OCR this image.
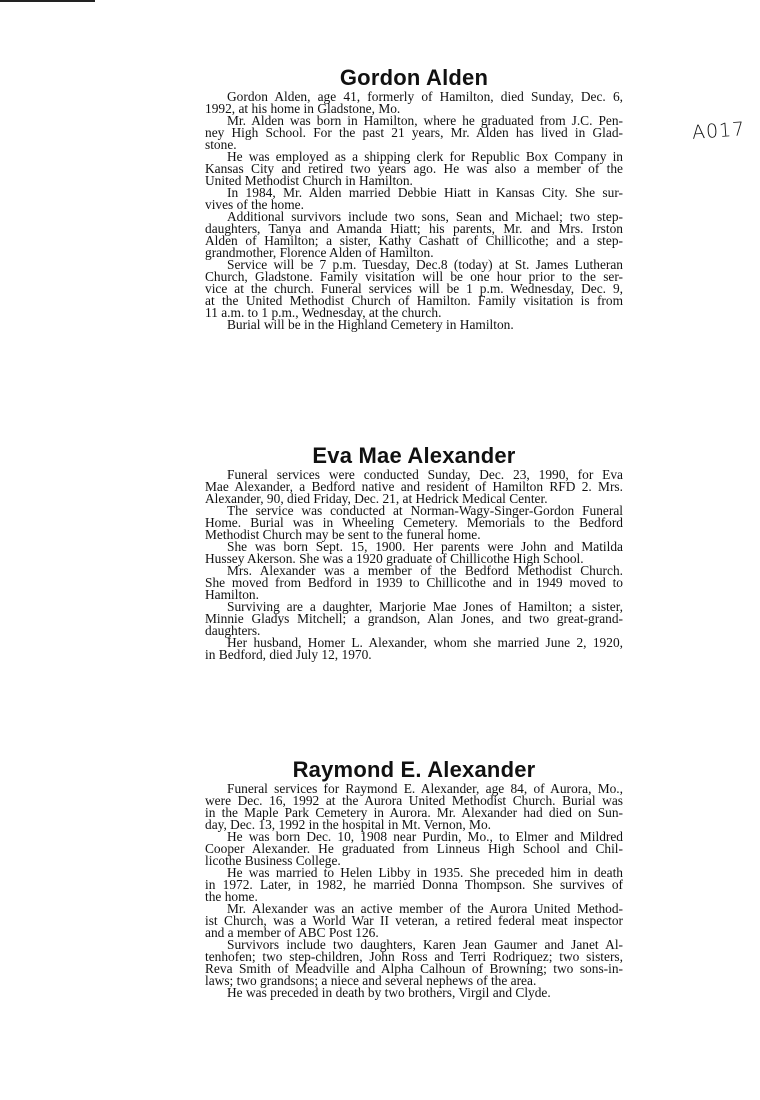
A017
Gordon Alden
Gordon Alden, age 41, formerly of Hamilton, died Sunday, Dec. 6,
1992, at his home in Gladstone, Mo.
Mr. Alden was born in Hamilton, where he graduated from J.C. Pen-
ney High School. For the past 21 years, Mr. Alden has lived in Glad-
stone.
He was employed as a shipping clerk for Republic Box Company in
Kansas City and retired two years ago. He was also a member of the
United Methodist Church in Hamilton.
In 1984, Mr. Alden married Debbie Hiatt in Kansas City. She sur-
vives of the home.
Additional survivors include two sons, Sean and Michael; two step-
daughters, Tanya and Amanda Hiatt; his parents, Mr. and Mrs. Irston
Alden of Hamilton; a sister, Kathy Cashatt of Chillicothe; and a step-
grandmother, Florence Alden of Hamilton.
Service will be 7 p.m. Tuesday, Dec.8 (today) at St. James Lutheran
Church, Gladstone. Family visitation will be one hour prior to the ser-
vice at the church. Funeral services will be 1 p.m. Wednesday, Dec. 9,
at the United Methodist Church of Hamilton. Family visitation is from
11 a.m. to 1 p.m., Wednesday, at the church.
Burial will be in the Highland Cemetery in Hamilton.
Eva Mae Alexander
Funeral services were conducted Sunday, Dec. 23, 1990, for Eva
Mae Alexander, a Bedford native and resident of Hamilton RFD 2. Mrs.
Alexander, 90, died Friday, Dec. 21, at Hedrick Medical Center.
The service was conducted at Norman-Wagy-Singer-Gordon Funeral
Home. Burial was in Wheeling Cemetery. Memorials to the Bedford
Methodist Church may be sent to the funeral home.
She was born Sept. 15, 1900. Her parents were John and Matilda
Hussey Akerson. She was a 1920 graduate of Chillicothe High School.
Mrs. Alexander was a member of the Bedford Methodist Church.
She moved from Bedford in 1939 to Chillicothe and in 1949 moved to
Hamilton.
Surviving are a daughter, Marjorie Mae Jones of Hamilton; a sister,
Minnie Gladys Mitchell; a grandson, Alan Jones, and two great-grand-
daughters.
Her husband, Homer L. Alexander, whom she married June 2, 1920,
in Bedford, died July 12, 1970.
Raymond E. Alexander
Funeral services for Raymond E. Alexander, age 84, of Aurora, Mo.,
were Dec. 16, 1992 at the Aurora United Methodist Church. Burial was
in the Maple Park Cemetery in Aurora. Mr. Alexander had died on Sun-
day, Dec. 13, 1992 in the hospital in Mt. Vernon, Mo.
He was born Dec. 10, 1908 near Purdin, Mo., to Elmer and Mildred
Cooper Alexander. He graduated from Linneus High School and Chil-
licothe Business College.
He was married to Helen Libby in 1935. She preceded him in death
in 1972. Later, in 1982, he married Donna Thompson. She survives of
the home.
Mr. Alexander was an active member of the Aurora United Method-
ist Church, was a World War II veteran, a retired federal meat inspector
and a member of ABC Post 126.
Survivors include two daughters, Karen Jean Gaumer and Janet Al-
tenhofen; two step-children, John Ross and Terri Rodriquez; two sisters,
Reva Smith of Meadville and Alpha Calhoun of Browning; two sons-in-
laws; two grandsons; a niece and several nephews of the area.
He was preceded in death by two brothers, Virgil and Clyde.
